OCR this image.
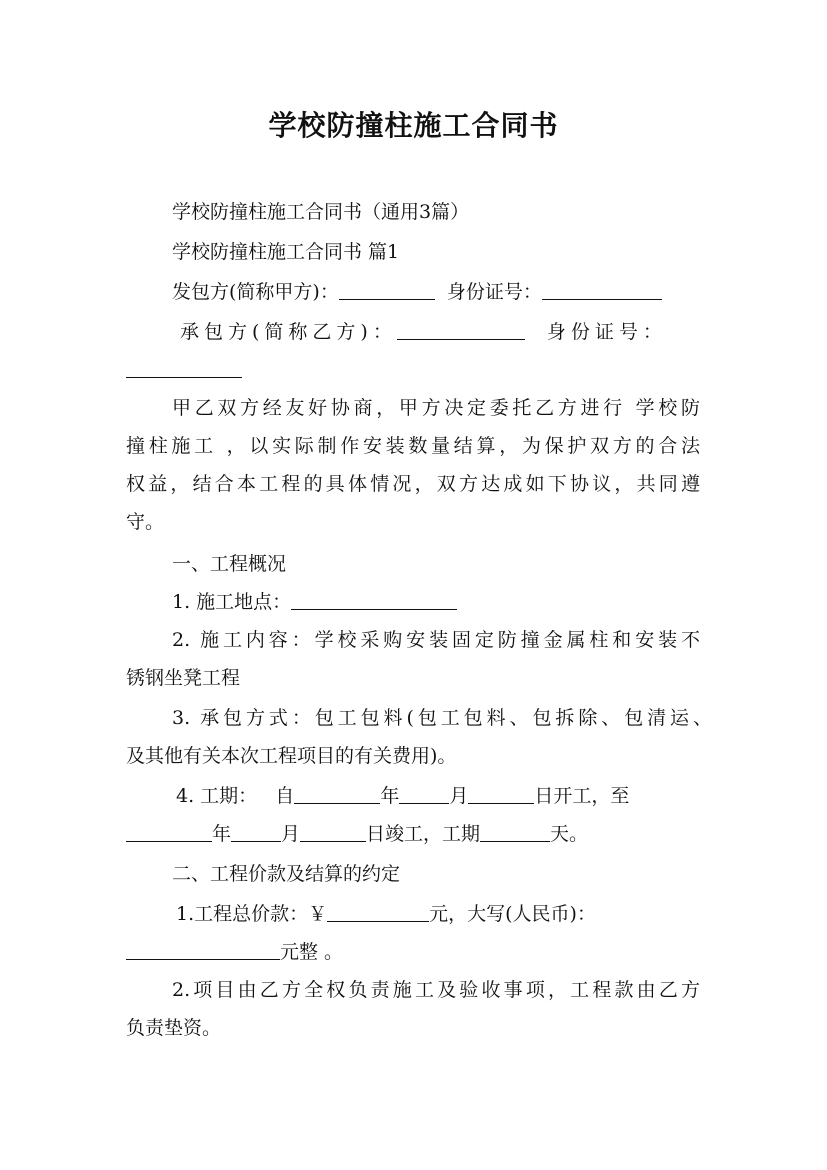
学校防撞柱施工合同书
学校防撞柱施工合同书（通用3篇）
学校防撞柱施工合同书 篇1
发包方(简称甲方)：	身份证号：
承包方(简称乙方)：	身份证号：
甲乙双方经友好协商，甲方决定委托乙方进行 学校防
撞柱施工 ，以实际制作安装数量结算，为保护双方的合法
权益，结合本工程的具体情况，双方达成如下协议，共同遵
守。
一、工程概况
1. 施工地点：
2. 施工内容：学校采购安装固定防撞金属柱和安装不
锈钢坐凳工程
3. 承包方式：包工包料(包工包料、包拆除、包清运、
及其他有关本次工程项目的有关费用)。
4. 工期： 自	年	月	日开工，至
年	月	日竣工，工期	天。
二、工程价款及结算的约定
1.工程总价款：￥	元，大写(人民币)：
元整 。
2.项目由乙方全权负责施工及验收事项，工程款由乙方
负责垫资。
